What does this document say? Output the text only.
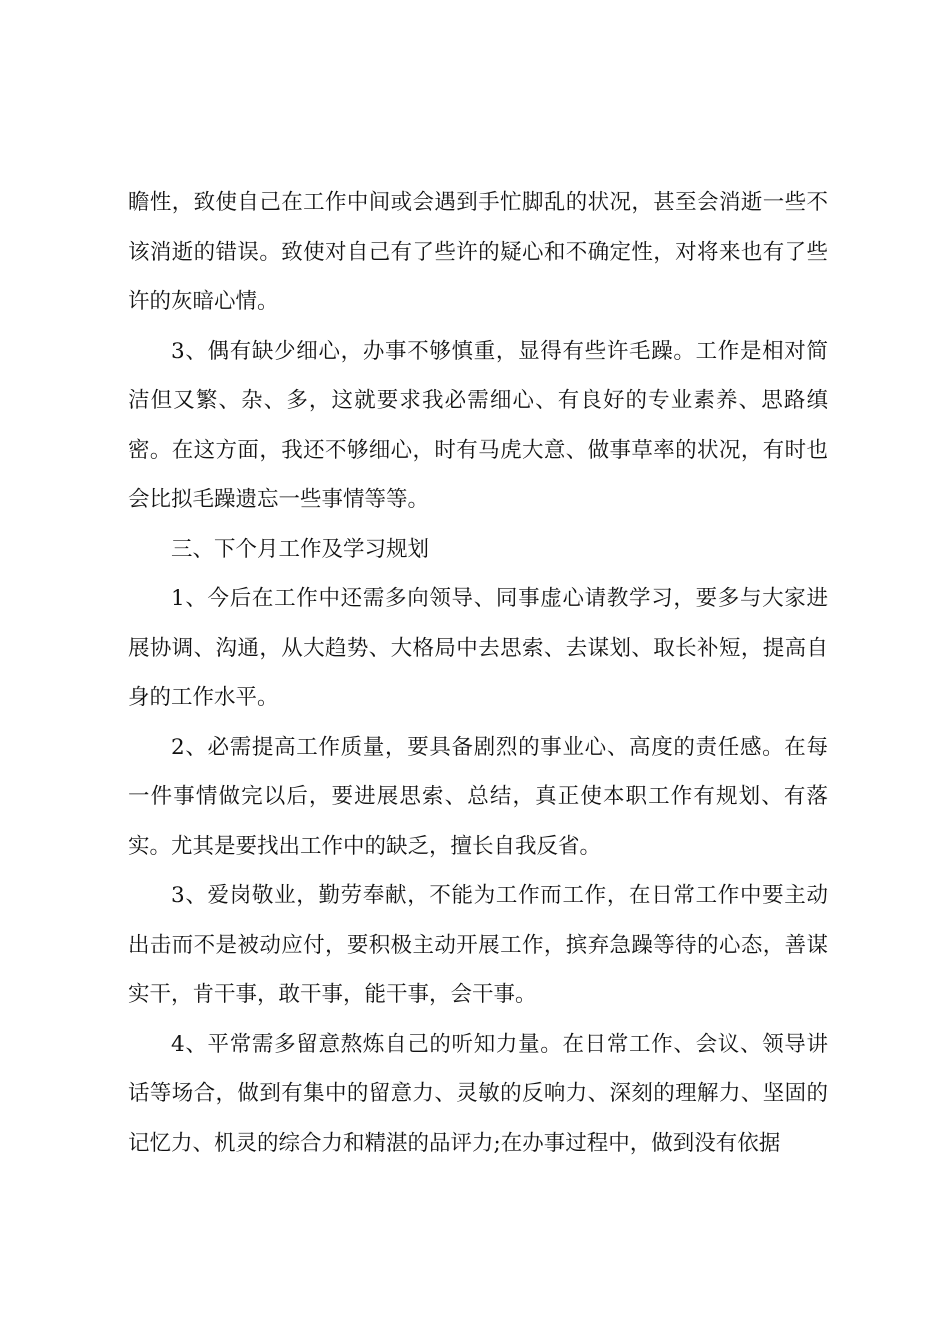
瞻性，致使自己在工作中间或会遇到手忙脚乱的状况，甚至会消逝一些不该消逝的错误。致使对自己有了些许的疑心和不确定性，对将来也有了些许的灰暗心情。

3、偶有缺少细心，办事不够慎重，显得有些许毛躁。工作是相对简洁但又繁、杂、多，这就要求我必需细心、有良好的专业素养、思路缜密。在这方面，我还不够细心，时有马虎大意、做事草率的状况，有时也会比拟毛躁遗忘一些事情等等。

三、下个月工作及学习规划

1、今后在工作中还需多向领导、同事虚心请教学习，要多与大家进展协调、沟通，从大趋势、大格局中去思索、去谋划、取长补短，提高自身的工作水平。

2、必需提高工作质量，要具备剧烈的事业心、高度的责任感。在每一件事情做完以后，要进展思索、总结，真正使本职工作有规划、有落实。尤其是要找出工作中的缺乏，擅长自我反省。

3、爱岗敬业，勤劳奉献，不能为工作而工作，在日常工作中要主动出击而不是被动应付，要积极主动开展工作，摈弃急躁等待的心态，善谋实干，肯干事，敢干事，能干事，会干事。

4、平常需多留意熬炼自己的听知力量。在日常工作、会议、领导讲话等场合，做到有集中的留意力、灵敏的反响力、深刻的理解力、坚固的记忆力、机灵的综合力和精湛的品评力;在办事过程中，做到没有依据
